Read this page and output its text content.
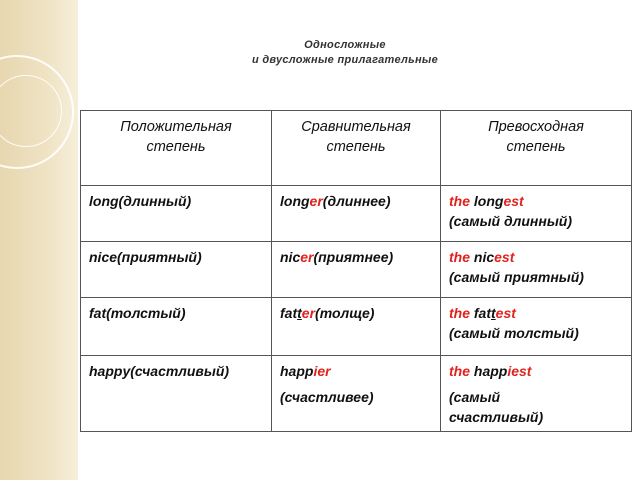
Односложные
и двусложные прилагательные
Положительная
степень	Сравнительная
степень	Превосходная
степень

long(длинный)	longer(длиннее)	the longest
(самый длинный)

nice(приятный)	nicer(приятнее)	the nicest
(самый приятный)

fat(толстый)	fatter(толще)	the fattest
(самый толстый)

happy(счастливый)	happier
(счастливее)	the happiest
(самый
счастливый)
